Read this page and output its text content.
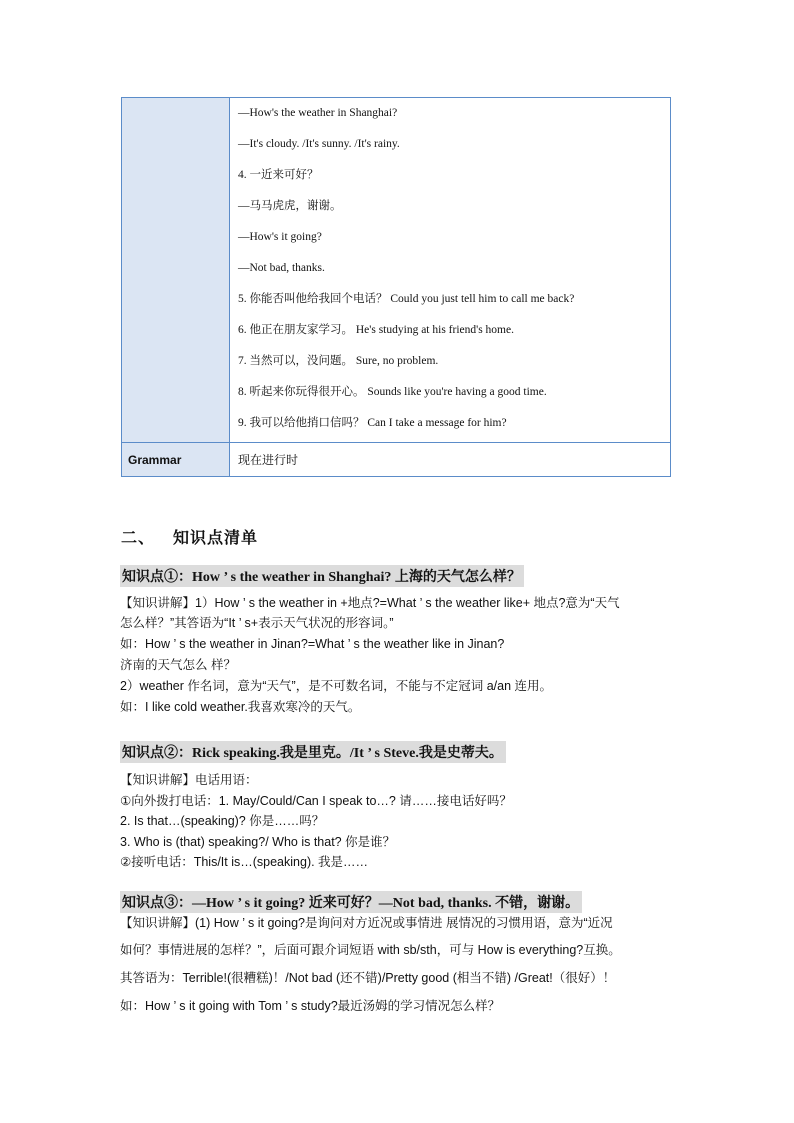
—How's the weather in Shanghai?
—It's cloudy. /It's sunny. /It's rainy.
4. 一近来可好？
—马马虎虎，谢谢。
—How's it going?
—Not bad, thanks.
5. 你能否叫他给我回个电话？ Could you just tell him to call me back?
6. 他正在朋友家学习。 He's studying at his friend's home.
7. 当然可以，没问题。 Sure, no problem.
8. 听起来你玩得很开心。 Sounds like you're having a good time.
9. 我可以给他捎口信吗？ Can I take a message for him?
Grammar	现在进行时
二、 知识点清单
知识点①：How ’ s the weather in Shanghai? 上海的天气怎么样？
【知识讲解】1）How ’ s the weather in +地点?=What ’ s the weather like+ 地点?意为“天气
怎么样？”其答语为“It ’ s+表示天气状况的形容词。”
如：How ’ s the weather in Jinan?=What ’ s the weather like in Jinan?
济南的天气怎么 样？
2）weather 作名词，意为“天气”，是不可数名词，不能与不定冠词 a/an 连用。
如：I like cold weather.我喜欢寒冷的天气。
知识点②：Rick speaking.我是里克。/It ’ s Steve.我是史蒂夫。
【知识讲解】电话用语：
①向外拨打电话：1. May/Could/Can I speak to…? 请……接电话好吗？
2. Is that…(speaking)? 你是……吗？
3. Who is (that) speaking?/ Who is that? 你是谁？
②接听电话：This/It is…(speaking). 我是……
知识点③：—How ’ s it going? 近来可好？—Not bad, thanks. 不错，谢谢。
【知识讲解】(1) How ’ s it going?是询问对方近况或事情进 展情况的习惯用语，意为“近况
如何？事情进展的怎样？”，后面可跟介词短语 with sb/sth，可与 How is everything?互换。
其答语为：Terrible!(很糟糕)！/Not bad (还不错)/Pretty good (相当不错) /Great!（很好）！
如：How ’ s it going with Tom ’ s study?最近汤姆的学习情况怎么样？
